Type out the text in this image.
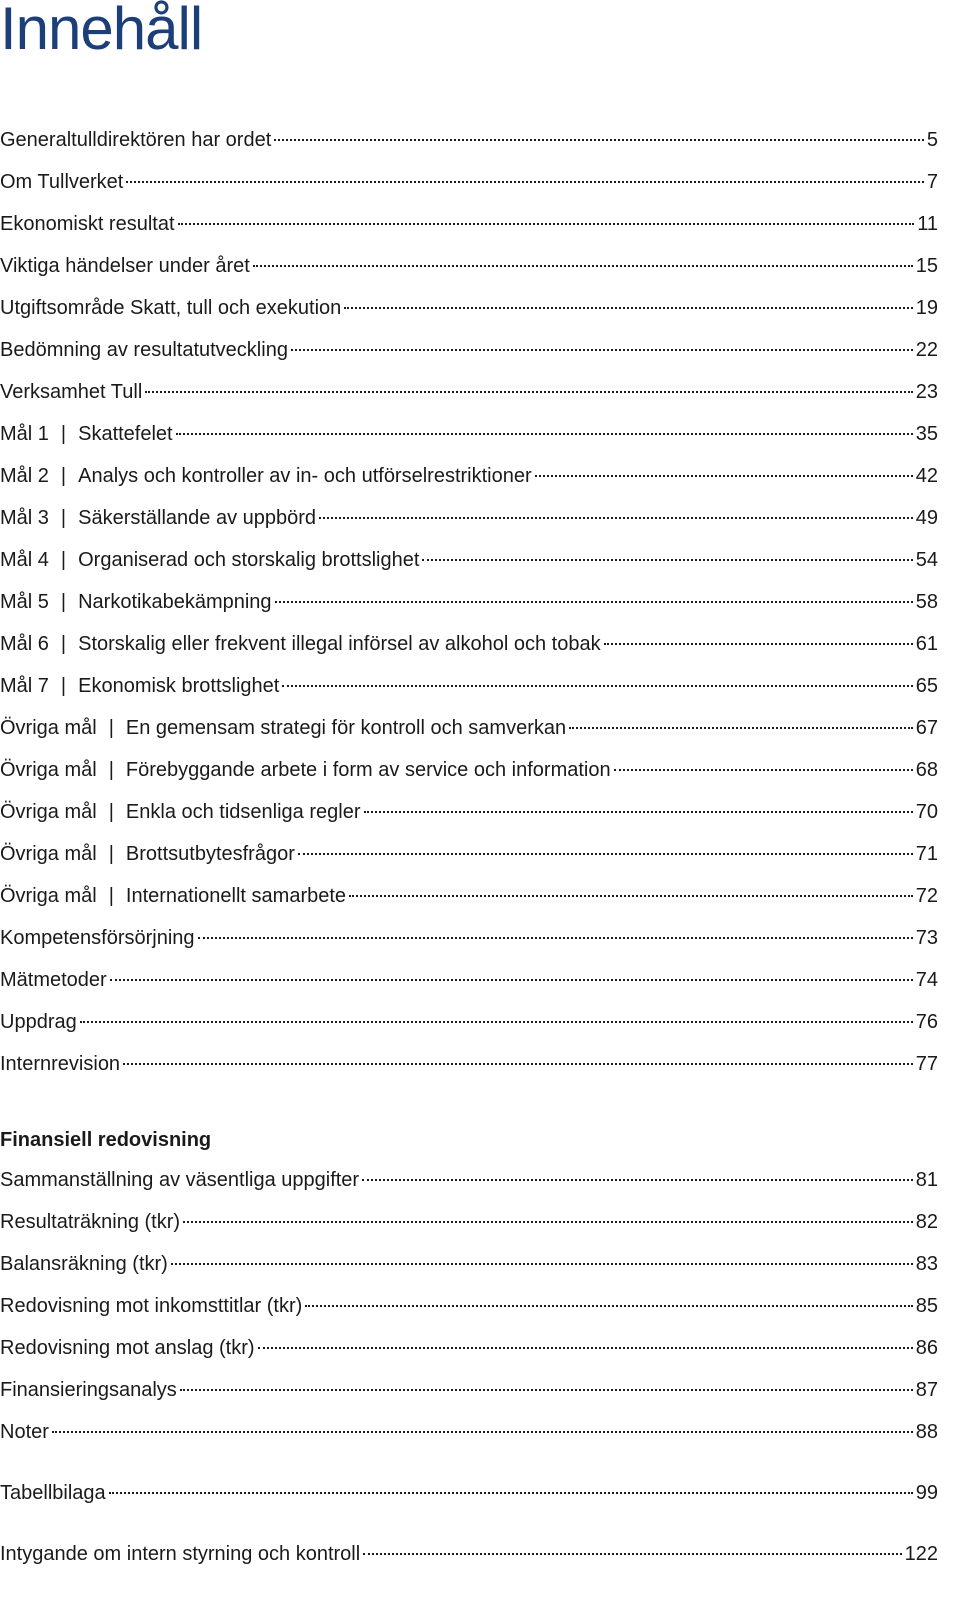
Innehåll
Generaltulldirektören har ordet	5
Om Tullverket	7
Ekonomiskt resultat	11
Viktiga händelser under året	15
Utgiftsområde Skatt, tull och exekution	19
Bedömning av resultatutveckling	22
Verksamhet Tull	23
Mål 1 | Skattefelet	35
Mål 2 | Analys och kontroller av in- och utförselrestriktioner	42
Mål 3 | Säkerställande av uppbörd	49
Mål 4 | Organiserad och storskalig brottslighet	54
Mål 5 | Narkotikabekämpning	58
Mål 6 | Storskalig eller frekvent illegal införsel av alkohol och tobak	61
Mål 7 | Ekonomisk brottslighet	65
Övriga mål | En gemensam strategi för kontroll och samverkan	67
Övriga mål | Förebyggande arbete i form av service och information	68
Övriga mål | Enkla och tidsenliga regler	70
Övriga mål | Brottsutbytesfrågor	71
Övriga mål | Internationellt samarbete	72
Kompetensförsörjning	73
Mätmetoder	74
Uppdrag	76
Internrevision	77
Finansiell redovisning
Sammanställning av väsentliga uppgifter	81
Resultaträkning (tkr)	82
Balansräkning (tkr)	83
Redovisning mot inkomsttitlar (tkr)	85
Redovisning mot anslag (tkr)	86
Finansieringsanalys	87
Noter	88
Tabellbilaga	99
Intygande om intern styrning och kontroll	122
